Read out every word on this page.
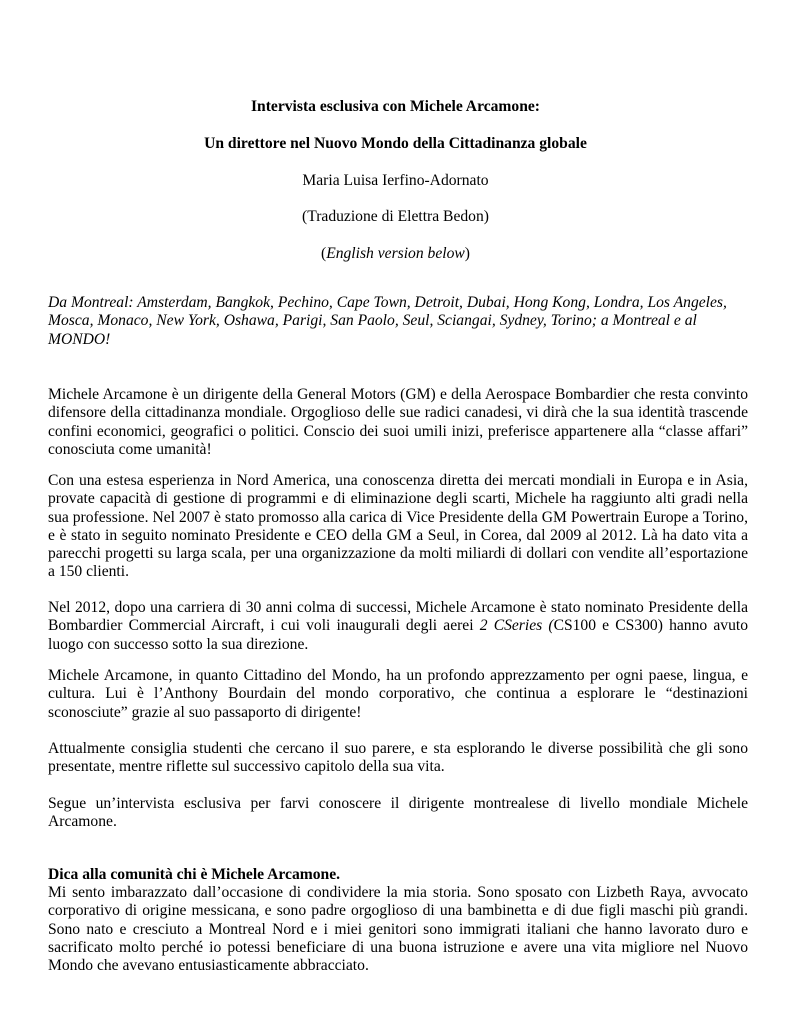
Intervista esclusiva con Michele Arcamone:
Un direttore nel Nuovo Mondo della Cittadinanza globale
Maria Luisa Ierfino-Adornato
(Traduzione di Elettra Bedon)
(English version below)

Da Montreal: Amsterdam, Bangkok, Pechino, Cape Town, Detroit, Dubai, Hong Kong, Londra, Los Angeles, Mosca, Monaco, New York, Oshawa, Parigi, San Paolo, Seul, Sciangai, Sydney, Torino; a Montreal e al MONDO!

Michele Arcamone è un dirigente della General Motors (GM) e della Aerospace Bombardier che resta convinto difensore della cittadinanza mondiale. Orgoglioso delle sue radici canadesi, vi dirà che la sua identità trascende confini economici, geografici o politici. Conscio dei suoi umili inizi, preferisce appartenere alla “classe affari” conosciuta come umanità!

Con una estesa esperienza in Nord America, una conoscenza diretta dei mercati mondiali in Europa e in Asia, provate capacità di gestione di programmi e di eliminazione degli scarti, Michele ha raggiunto alti gradi nella sua professione. Nel 2007 è stato promosso alla carica di Vice Presidente della GM Powertrain Europe a Torino, e è stato in seguito nominato Presidente e CEO della GM a Seul, in Corea, dal 2009 al 2012. Là ha dato vita a parecchi progetti su larga scala, per una organizzazione da molti miliardi di dollari con vendite all’esportazione a 150 clienti.

Nel 2012, dopo una carriera di 30 anni colma di successi, Michele Arcamone è stato nominato Presidente della Bombardier Commercial Aircraft, i cui voli inaugurali degli aerei 2 CSeries (CS100 e CS300) hanno avuto luogo con successo sotto la sua direzione.

Michele Arcamone, in quanto Cittadino del Mondo, ha un profondo apprezzamento per ogni paese, lingua, e cultura. Lui è l’Anthony Bourdain del mondo corporativo, che continua a esplorare le “destinazioni sconosciute” grazie al suo passaporto di dirigente!

Attualmente consiglia studenti che cercano il suo parere, e sta esplorando le diverse possibilità che gli sono presentate, mentre riflette sul successivo capitolo della sua vita.

Segue un’intervista esclusiva per farvi conoscere il dirigente montrealese di livello mondiale Michele Arcamone.

Dica alla comunità chi è Michele Arcamone.

Mi sento imbarazzato dall’occasione di condividere la mia storia. Sono sposato con Lizbeth Raya, avvocato corporativo di origine messicana, e sono padre orgoglioso di una bambinetta e di due figli maschi più grandi. Sono nato e cresciuto a Montreal Nord e i miei genitori sono immigrati italiani che hanno lavorato duro e sacrificato molto perché io potessi beneficiare di una buona istruzione e avere una vita migliore nel Nuovo Mondo che avevano entusiasticamente abbracciato.
